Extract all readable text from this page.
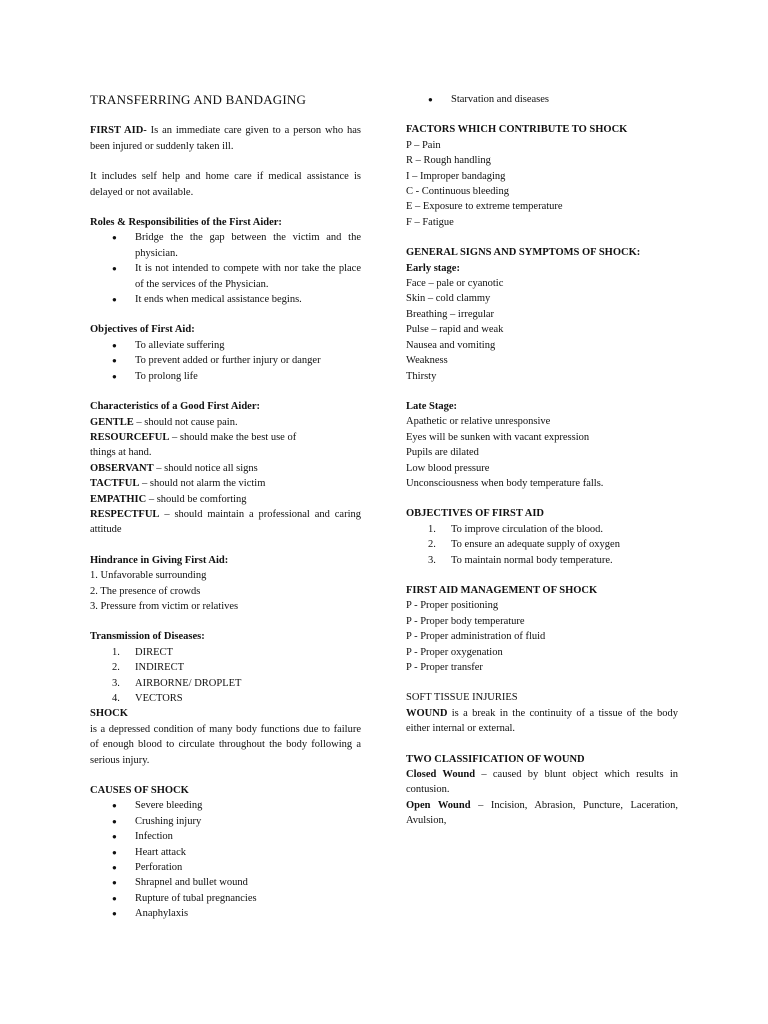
TRANSFERRING AND BANDAGING

FIRST AID- Is an immediate care given to a person who has been injured or suddenly taken ill.

It includes self help and home care if medical assistance is delayed or not available.

Roles & Responsibilities of the First Aider:

● Bridge the the gap between the victim and the physician.
● It is not intended to compete with nor take the place of the services of the Physician.
● It ends when medical assistance begins.

Objectives of First Aid:

● To alleviate suffering
● To prevent added or further injury or danger
● To prolong life

Characteristics of a Good First Aider:

GENTLE – should not cause pain.

RESOURCEFUL – should make the best use of things at hand.

OBSERVANT – should notice all signs

TACTFUL – should not alarm the victim

EMPATHIC – should be comforting

RESPECTFUL – should maintain a professional and caring attitude

Hindrance in Giving First Aid:

1. Unfavorable surrounding

2. The presence of crowds

3. Pressure from victim or relatives

Transmission of Diseases:

1. DIRECT
2. INDIRECT
3. AIRBORNE/ DROPLET
4. VECTORS

SHOCK

is a depressed condition of many body functions due to failure of enough blood to circulate throughout the body following a serious injury.

CAUSES OF SHOCK

● Severe bleeding
● Crushing injury
● Infection
● Heart attack
● Perforation
● Shrapnel and bullet wound
● Rupture of tubal pregnancies
● Anaphylaxis
● Starvation and diseases

FACTORS WHICH CONTRIBUTE TO SHOCK

P – Pain

R – Rough handling

I – Improper bandaging

C - Continuous bleeding

E – Exposure to extreme temperature

F – Fatigue

GENERAL SIGNS AND SYMPTOMS OF SHOCK:

Early stage:

Face – pale or cyanotic

Skin – cold clammy

Breathing – irregular

Pulse – rapid and weak

Nausea and vomiting

Weakness

Thirsty

Late Stage:

Apathetic or relative unresponsive

Eyes will be sunken with vacant expression

Pupils are dilated

Low blood pressure

Unconsciousness when body temperature falls.

OBJECTIVES OF FIRST AID

1. To improve circulation of the blood.
2. To ensure an adequate supply of oxygen
3. To maintain normal body temperature.

FIRST AID MANAGEMENT OF SHOCK

P - Proper positioning

P - Proper body temperature

P - Proper administration of fluid

P - Proper oxygenation

P - Proper transfer

SOFT TISSUE INJURIES

WOUND is a break in the continuity of a tissue of the body either internal or external.

TWO CLASSIFICATION OF WOUND

Closed Wound – caused by blunt object which results in contusion.

Open Wound – Incision, Abrasion, Puncture, Laceration, Avulsion,
